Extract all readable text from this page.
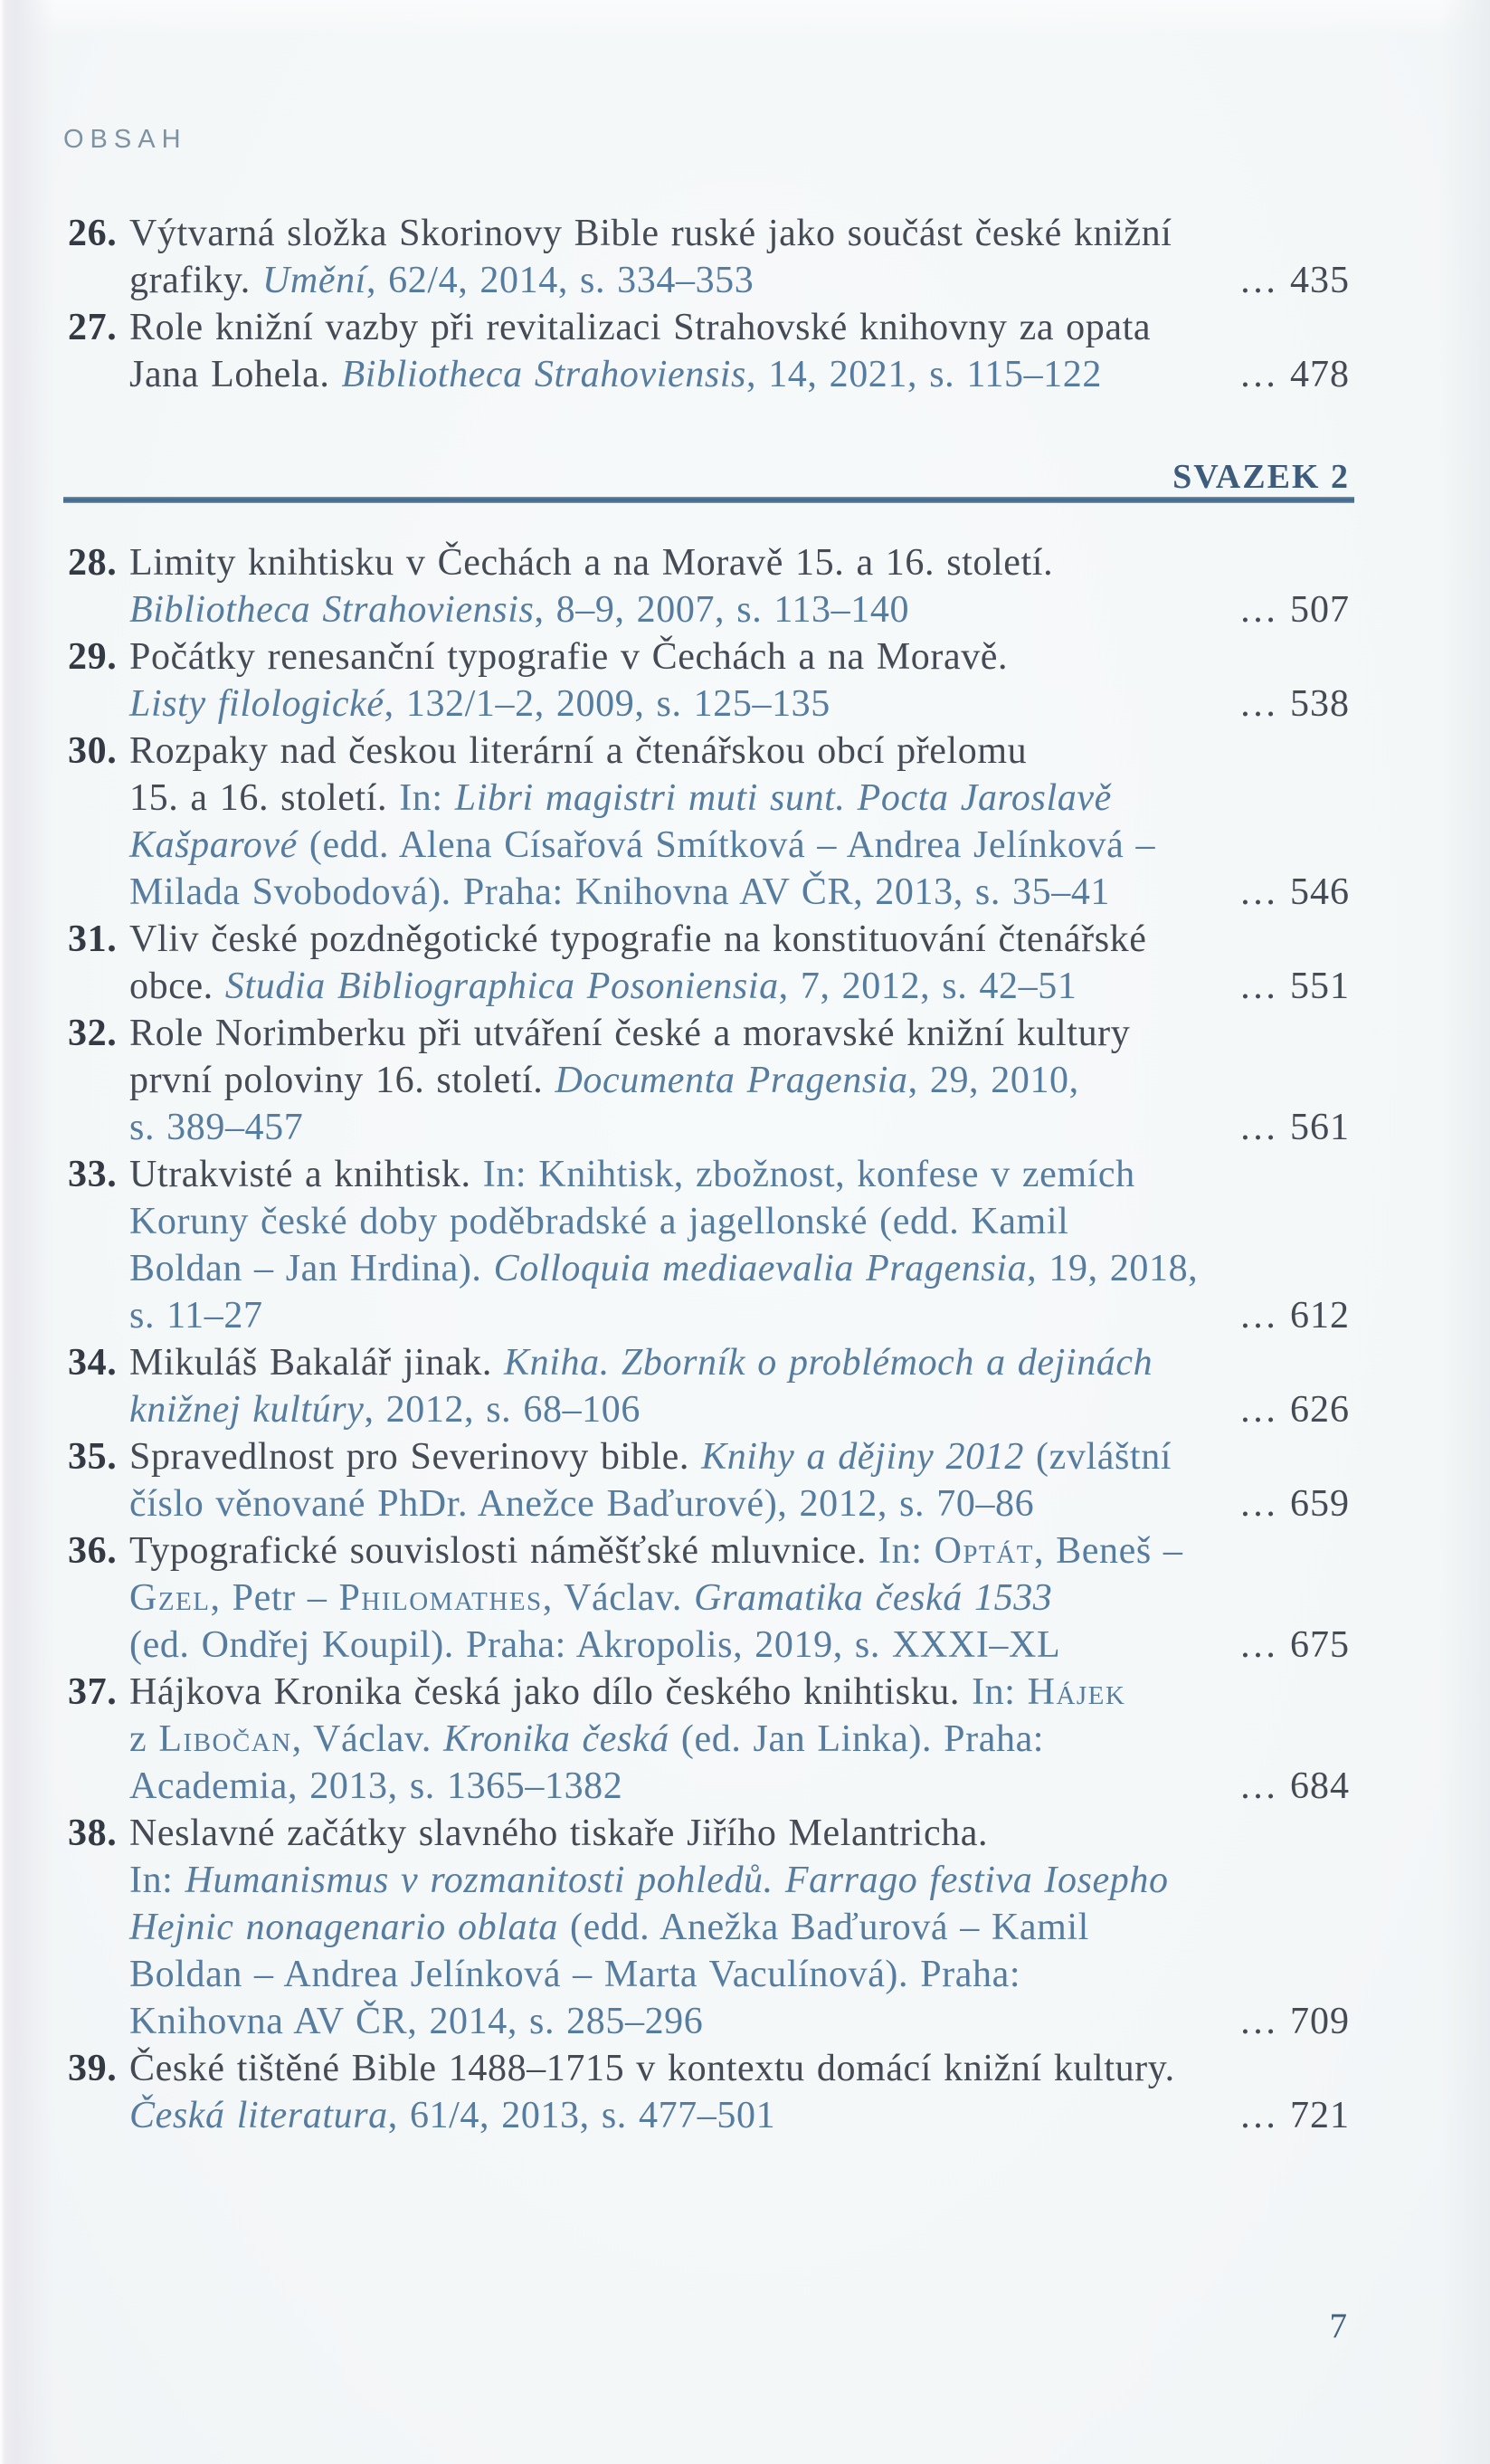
OBSAH
26. Výtvarná složka Skorinovy Bible ruské jako součást české knižní
grafiky. Umění, 62/4, 2014, s. 334–353	… 435
27. Role knižní vazby při revitalizaci Strahovské knihovny za opata
Jana Lohela. Bibliotheca Strahoviensis, 14, 2021, s. 115–122	… 478
SVAZEK 2
28. Limity knihtisku v Čechách a na Moravě 15. a 16. století.
Bibliotheca Strahoviensis, 8–9, 2007, s. 113–140	… 507
29. Počátky renesanční typografie v Čechách a na Moravě.
Listy filologické, 132/1–2, 2009, s. 125–135	… 538
30. Rozpaky nad českou literární a čtenářskou obcí přelomu
15. a 16. století. In: Libri magistri muti sunt. Pocta Jaroslavě
Kašparové (edd. Alena Císařová Smítková – Andrea Jelínková –
Milada Svobodová). Praha: Knihovna AV ČR, 2013, s. 35–41	… 546
31. Vliv české pozdněgotické typografie na konstituování čtenářské
obce. Studia Bibliographica Posoniensia, 7, 2012, s. 42–51	… 551
32. Role Norimberku při utváření české a moravské knižní kultury
první poloviny 16. století. Documenta Pragensia, 29, 2010,
s. 389–457	… 561
33. Utrakvisté a knihtisk. In: Knihtisk, zbožnost, konfese v zemích
Koruny české doby poděbradské a jagellonské (edd. Kamil
Boldan – Jan Hrdina). Colloquia mediaevalia Pragensia, 19, 2018,
s. 11–27	… 612
34. Mikuláš Bakalář jinak. Kniha. Zborník o problémoch a dejinách
knižnej kultúry, 2012, s. 68–106	… 626
35. Spravedlnost pro Severinovy bible. Knihy a dějiny 2012 (zvláštní
číslo věnované PhDr. Anežce Baďurové), 2012, s. 70–86	… 659
36. Typografické souvislosti náměšťské mluvnice. In: Optát, Beneš –
Gzel, Petr – Philomathes, Václav. Gramatika česká 1533
(ed. Ondřej Koupil). Praha: Akropolis, 2019, s. XXXI–XL	… 675
37. Hájkova Kronika česká jako dílo českého knihtisku. In: Hájek
z Libočan, Václav. Kronika česká (ed. Jan Linka). Praha:
Academia, 2013, s. 1365–1382	… 684
38. Neslavné začátky slavného tiskaře Jiřího Melantricha.
In: Humanismus v rozmanitosti pohledů. Farrago festiva Iosepho
Hejnic nonagenario oblata (edd. Anežka Baďurová – Kamil
Boldan – Andrea Jelínková – Marta Vaculínová). Praha:
Knihovna AV ČR, 2014, s. 285–296	… 709
39. České tištěné Bible 1488–1715 v kontextu domácí knižní kultury.
Česká literatura, 61/4, 2013, s. 477–501	… 721
7
